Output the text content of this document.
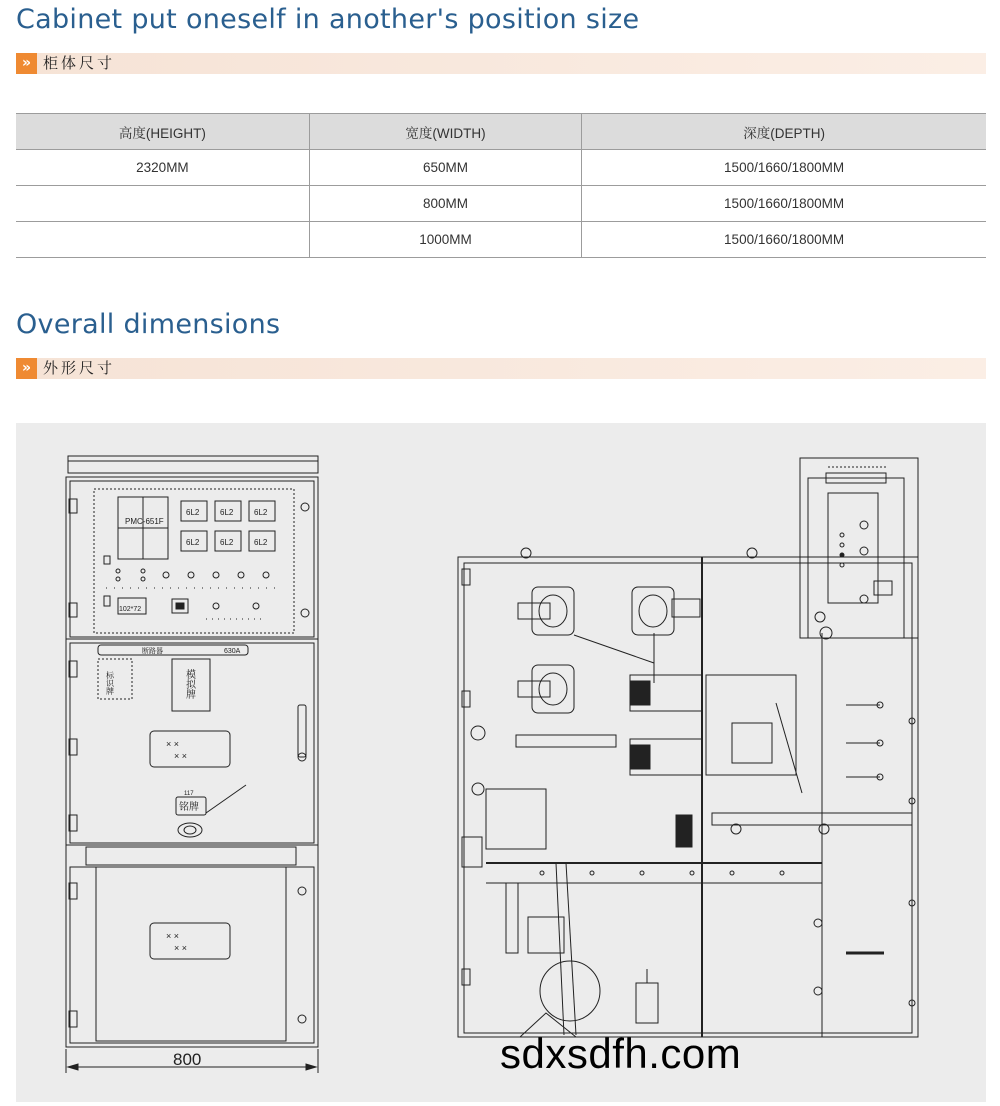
Cabinet put oneself in another's position size
» 柜体尺寸
高度(HEIGHT)	宽度(WIDTH)	深度(DEPTH)
2320MM	650MM	1500/1660/1800MM
	800MM	1500/1660/1800MM
	1000MM	1500/1660/1800MM
Overall dimensions
» 外形尺寸
PMC-651F
6L2	6L2	6L2
6L2	6L2	6L2
102*72
断路器	630A
标识牌	模拟牌
× ×
× ×
117
铭牌
× ×
× ×
800	sdxsdfh.com
